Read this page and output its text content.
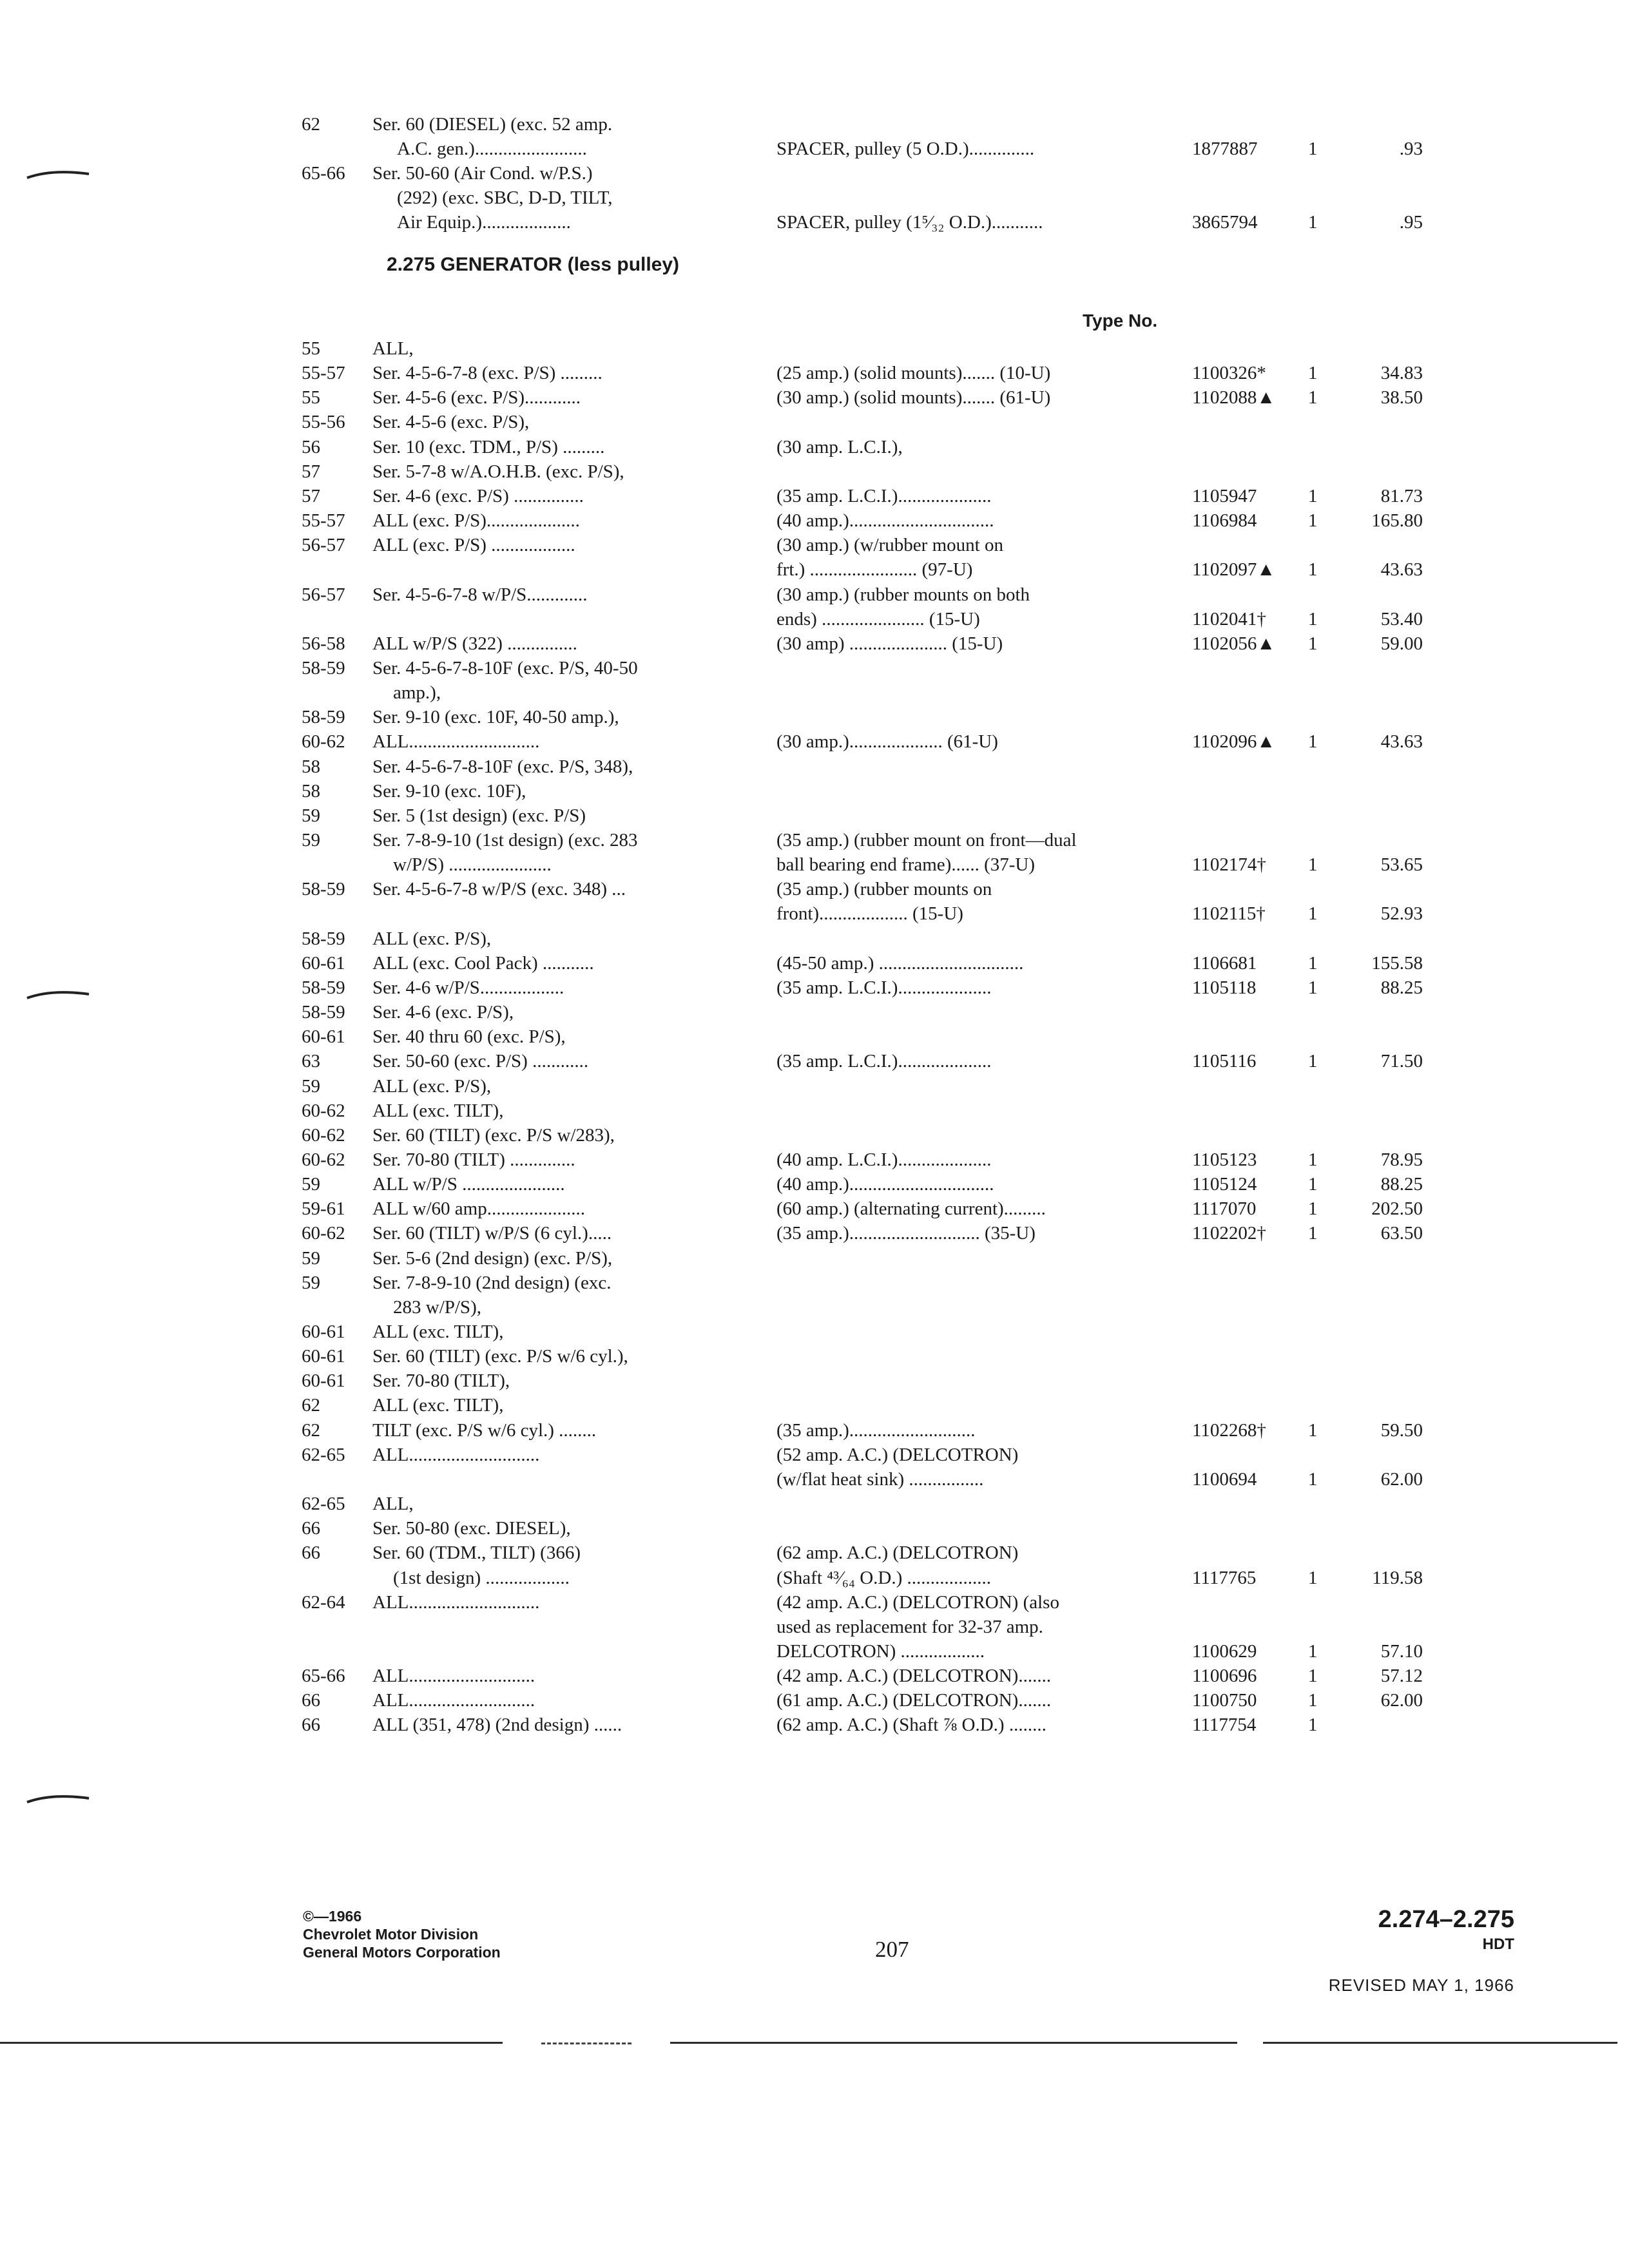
62	Ser. 60 (DIESEL) (exc. 52 amp.
A.C. gen.)........................	SPACER, pulley (5 O.D.)..............	1877887	1	.93
65-66 Ser. 50-60 (Air Cond. w/P.S.)
(292) (exc. SBC, D-D, TILT,
Air Equip.)...................	SPACER, pulley (1⁵⁄₃₂ O.D.)...........	3865794	1	.95
2.275 GENERATOR (less pulley)
Type No.
55	ALL,
55-57 Ser. 4-5-6-7-8 (exc. P/S) .........	(25 amp.) (solid mounts)....... (10-U)	1100326* 1	34.83
55	Ser. 4-5-6 (exc. P/S)............	(30 amp.) (solid mounts)....... (61-U)	1102088▲ 1	38.50
55-56 Ser. 4-5-6 (exc. P/S),
56	Ser. 10 (exc. TDM., P/S) .........	(30 amp. L.C.I.),
57	Ser. 5-7-8 w/A.O.H.B. (exc. P/S),
57	Ser. 4-6 (exc. P/S) ...............	(35 amp. L.C.I.)....................	1105947	1	81.73
55-57 ALL (exc. P/S)....................	(40 amp.)...............................	1106984	1	165.80
56-57 ALL (exc. P/S) ..................	(30 amp.) (w/rubber mount on
frt.) ....................... (97-U)	1102097▲ 1	43.63
56-57 Ser. 4-5-6-7-8 w/P/S.............	(30 amp.) (rubber mounts on both
ends) ...................... (15-U)	1102041† 1	53.40
56-58 ALL w/P/S (322) ...............	(30 amp) ..................... (15-U)	1102056▲ 1	59.00
58-59 Ser. 4-5-6-7-8-10F (exc. P/S, 40-50
amp.),
58-59 Ser. 9-10 (exc. 10F, 40-50 amp.),
60-62 ALL............................	(30 amp.).................... (61-U)	1102096▲ 1	43.63
58	Ser. 4-5-6-7-8-10F (exc. P/S, 348),
58	Ser. 9-10 (exc. 10F),
59	Ser. 5 (1st design) (exc. P/S)
59	Ser. 7-8-9-10 (1st design) (exc. 283	(35 amp.) (rubber mount on front—dual
w/P/S) ......................	ball bearing end frame)...... (37-U)	1102174† 1	53.65
58-59 Ser. 4-5-6-7-8 w/P/S (exc. 348) ...	(35 amp.) (rubber mounts on
front)................... (15-U)	1102115† 1	52.93
58-59 ALL (exc. P/S),
60-61 ALL (exc. Cool Pack) ...........	(45-50 amp.) ...............................	1106681	1	155.58
58-59 Ser. 4-6 w/P/S..................	(35 amp. L.C.I.)....................	1105118	1	88.25
58-59 Ser. 4-6 (exc. P/S),
60-61 Ser. 40 thru 60 (exc. P/S),
63	Ser. 50-60 (exc. P/S) ............	(35 amp. L.C.I.)....................	1105116	1	71.50
59	ALL (exc. P/S),
60-62 ALL (exc. TILT),
60-62 Ser. 60 (TILT) (exc. P/S w/283),
60-62 Ser. 70-80 (TILT) ..............	(40 amp. L.C.I.)....................	1105123	1	78.95
59	ALL w/P/S ......................	(40 amp.)...............................	1105124	1	88.25
59-61 ALL w/60 amp.....................	(60 amp.) (alternating current).........	1117070	1	202.50
60-62 Ser. 60 (TILT) w/P/S (6 cyl.).....	(35 amp.)............................ (35-U)	1102202† 1	63.50
59	Ser. 5-6 (2nd design) (exc. P/S),
59	Ser. 7-8-9-10 (2nd design) (exc.
283 w/P/S),
60-61 ALL (exc. TILT),
60-61 Ser. 60 (TILT) (exc. P/S w/6 cyl.),
60-61 Ser. 70-80 (TILT),
62	ALL (exc. TILT),
62	TILT (exc. P/S w/6 cyl.) ........	(35 amp.)...........................	1102268† 1	59.50
62-65 ALL............................	(52 amp. A.C.) (DELCOTRON)
(w/flat heat sink) ................	1100694	1	62.00
62-65 ALL,
66	Ser. 50-80 (exc. DIESEL),
66	Ser. 60 (TDM., TILT) (366)	(62 amp. A.C.) (DELCOTRON)
(1st design) ..................	(Shaft ⁴³⁄₆₄ O.D.) ..................	1117765	1	119.58
62-64 ALL............................	(42 amp. A.C.) (DELCOTRON) (also
used as replacement for 32-37 amp.
DELCOTRON) ..................	1100629	1	57.10
65-66 ALL...........................	(42 amp. A.C.) (DELCOTRON).......	1100696	1	57.12
66	ALL...........................	(61 amp. A.C.) (DELCOTRON).......	1100750	1	62.00
66	ALL (351, 478) (2nd design) ......	(62 amp. A.C.) (Shaft ⅞ O.D.) ........	1117754	1
©—1966
Chevrolet Motor Division
General Motors Corporation	207
2.274–2.275
HDT
REVISED MAY 1, 1966
